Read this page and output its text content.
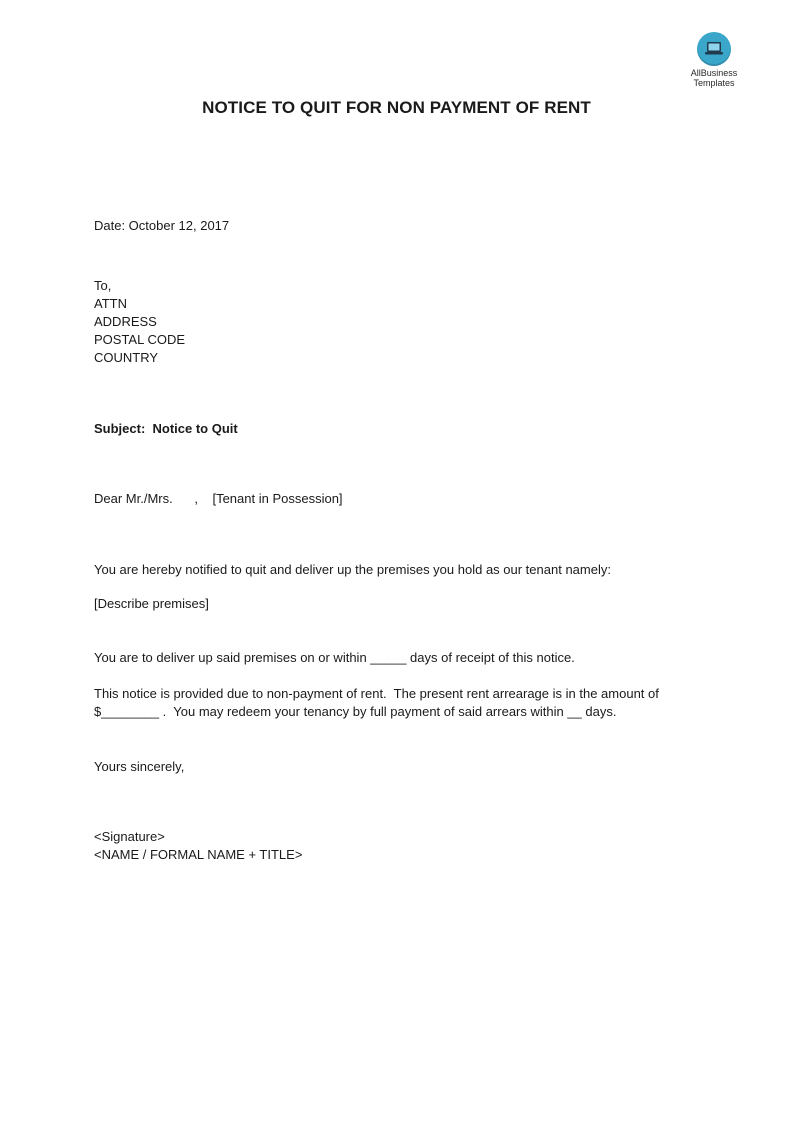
AllBusiness
Templates
NOTICE TO QUIT FOR NON PAYMENT OF RENT
Date: October 12, 2017
To,
ATTN
ADDRESS
POSTAL CODE
COUNTRY
Subject:  Notice to Quit
Dear Mr./Mrs.      ,    [Tenant in Possession]
You are hereby notified to quit and deliver up the premises you hold as our tenant namely:
[Describe premises]
You are to deliver up said premises on or within _____ days of receipt of this notice.
This notice is provided due to non-payment of rent.  The present rent arrearage is in the amount of
$________ .  You may redeem your tenancy by full payment of said arrears within __ days.
Yours sincerely,
<Signature>
<NAME / FORMAL NAME + TITLE>
